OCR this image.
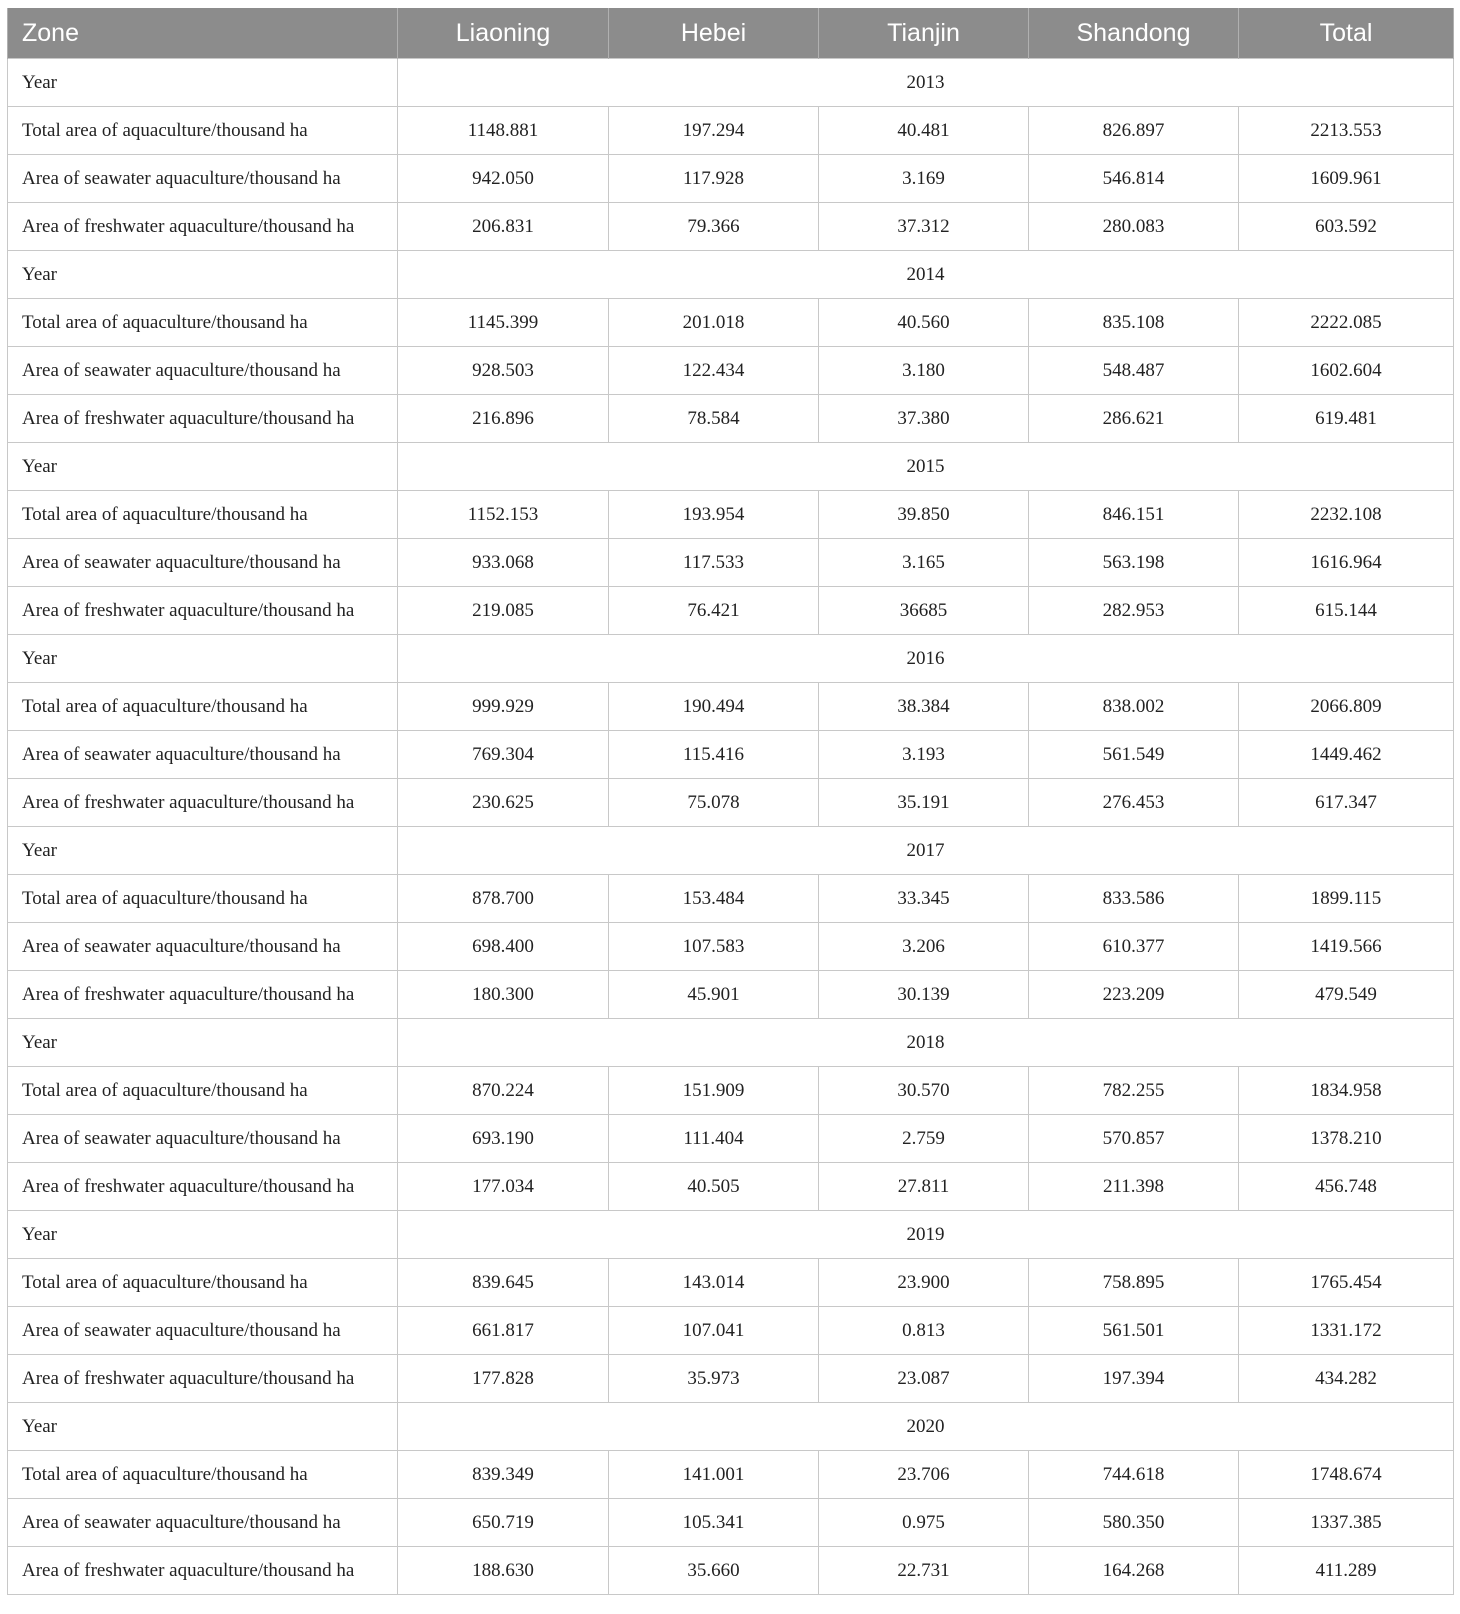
Zone	Liaoning	Hebei	Tianjin	Shandong	Total
Year	2013				
Total area of aquaculture/thousand ha	1148.881	197.294	40.481	826.897	2213.553
Area of seawater aquaculture/thousand ha	942.050	117.928	3.169	546.814	1609.961
Area of freshwater aquaculture/thousand ha	206.831	79.366	37.312	280.083	603.592
Year	2014				
Total area of aquaculture/thousand ha	1145.399	201.018	40.560	835.108	2222.085
Area of seawater aquaculture/thousand ha	928.503	122.434	3.180	548.487	1602.604
Area of freshwater aquaculture/thousand ha	216.896	78.584	37.380	286.621	619.481
Year	2015				
Total area of aquaculture/thousand ha	1152.153	193.954	39.850	846.151	2232.108
Area of seawater aquaculture/thousand ha	933.068	117.533	3.165	563.198	1616.964
Area of freshwater aquaculture/thousand ha	219.085	76.421	36685	282.953	615.144
Year	2016				
Total area of aquaculture/thousand ha	999.929	190.494	38.384	838.002	2066.809
Area of seawater aquaculture/thousand ha	769.304	115.416	3.193	561.549	1449.462
Area of freshwater aquaculture/thousand ha	230.625	75.078	35.191	276.453	617.347
Year	2017				
Total area of aquaculture/thousand ha	878.700	153.484	33.345	833.586	1899.115
Area of seawater aquaculture/thousand ha	698.400	107.583	3.206	610.377	1419.566
Area of freshwater aquaculture/thousand ha	180.300	45.901	30.139	223.209	479.549
Year	2018				
Total area of aquaculture/thousand ha	870.224	151.909	30.570	782.255	1834.958
Area of seawater aquaculture/thousand ha	693.190	111.404	2.759	570.857	1378.210
Area of freshwater aquaculture/thousand ha	177.034	40.505	27.811	211.398	456.748
Year	2019				
Total area of aquaculture/thousand ha	839.645	143.014	23.900	758.895	1765.454
Area of seawater aquaculture/thousand ha	661.817	107.041	0.813	561.501	1331.172
Area of freshwater aquaculture/thousand ha	177.828	35.973	23.087	197.394	434.282
Year	2020				
Total area of aquaculture/thousand ha	839.349	141.001	23.706	744.618	1748.674
Area of seawater aquaculture/thousand ha	650.719	105.341	0.975	580.350	1337.385
Area of freshwater aquaculture/thousand ha	188.630	35.660	22.731	164.268	411.289
